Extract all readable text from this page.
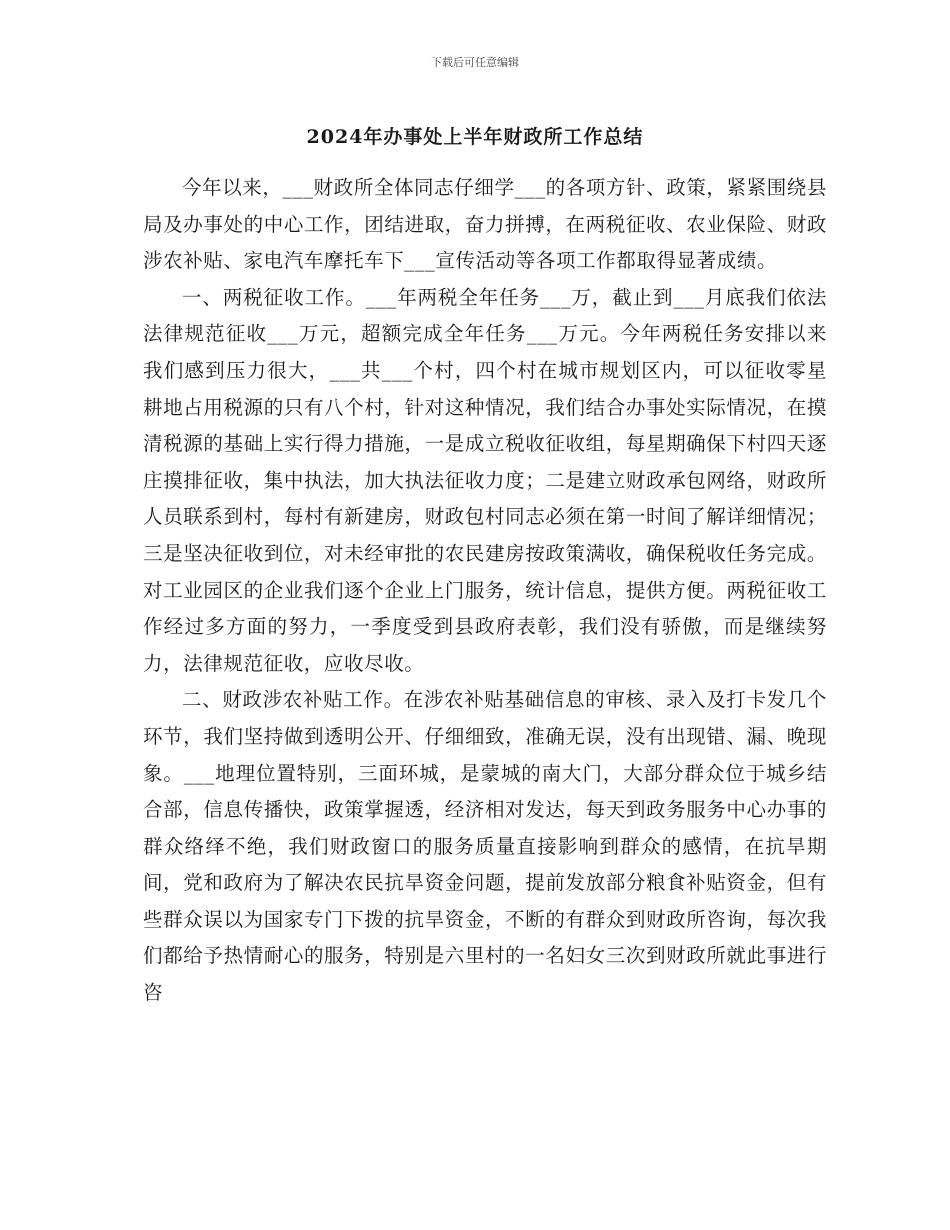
下载后可任意编辑
2024年办事处上半年财政所工作总结

今年以来，___财政所全体同志仔细学___的各项方针、政策，紧紧围绕县局及办事处的中心工作，团结进取，奋力拼搏，在两税征收、农业保险、财政涉农补贴、家电汽车摩托车下___宣传活动等各项工作都取得显著成绩。

一、两税征收工作。___年两税全年任务___万，截止到___月底我们依法法律规范征收___万元，超额完成全年任务___万元。今年两税任务安排以来我们感到压力很大，___共___个村，四个村在城市规划区内，可以征收零星耕地占用税源的只有八个村，针对这种情况，我们结合办事处实际情况，在摸清税源的基础上实行得力措施，一是成立税收征收组，每星期确保下村四天逐庄摸排征收，集中执法，加大执法征收力度；二是建立财政承包网络，财政所人员联系到村，每村有新建房，财政包村同志必须在第一时间了解详细情况；三是坚决征收到位，对未经审批的农民建房按政策满收，确保税收任务完成。对工业园区的企业我们逐个企业上门服务，统计信息，提供方便。两税征收工作经过多方面的努力，一季度受到县政府表彰，我们没有骄傲，而是继续努力，法律规范征收，应收尽收。

二、财政涉农补贴工作。在涉农补贴基础信息的审核、录入及打卡发几个环节，我们坚持做到透明公开、仔细细致，准确无误，没有出现错、漏、晚现象。___地理位置特别，三面环城，是蒙城的南大门，大部分群众位于城乡结合部，信息传播快，政策掌握透，经济相对发达，每天到政务服务中心办事的群众络绎不绝，我们财政窗口的服务质量直接影响到群众的感情，在抗旱期间，党和政府为了解决农民抗旱资金问题，提前发放部分粮食补贴资金，但有些群众误以为国家专门下拨的抗旱资金，不断的有群众到财政所咨询，每次我们都给予热情耐心的服务，特别是六里村的一名妇女三次到财政所就此事进行咨
